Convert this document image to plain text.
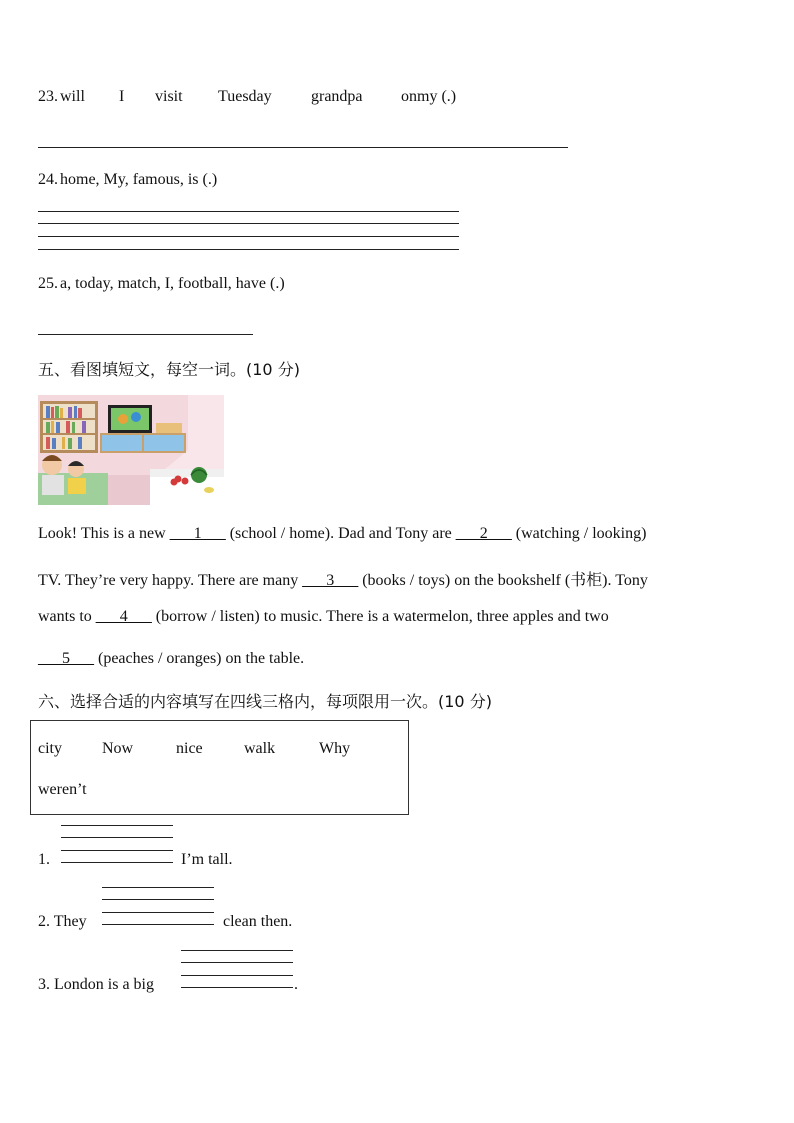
23. will I visit Tuesday grandpa onmy (.)
24. home, My, famous, is (.)
25. a, today, match, I, football, have (.)
五、看图填短文，每空一词。(10 分)
Look! This is a new ___1___ (school / home). Dad and Tony are ___2___ (watching / looking)
TV. They’re very happy. There are many ___3___ (books / toys) on the bookshelf (书柜). Tony
wants to ___4___ (borrow / listen) to music. There is a watermelon, three apples and two
___5___ (peaches / oranges) on the table.
六、选择合适的内容填写在四线三格内，每项限用一次。(10 分)
city	Now	nice	walk	Why
weren’t
1.	I’m tall.
2. They	clean then.
3. London is a big	.
